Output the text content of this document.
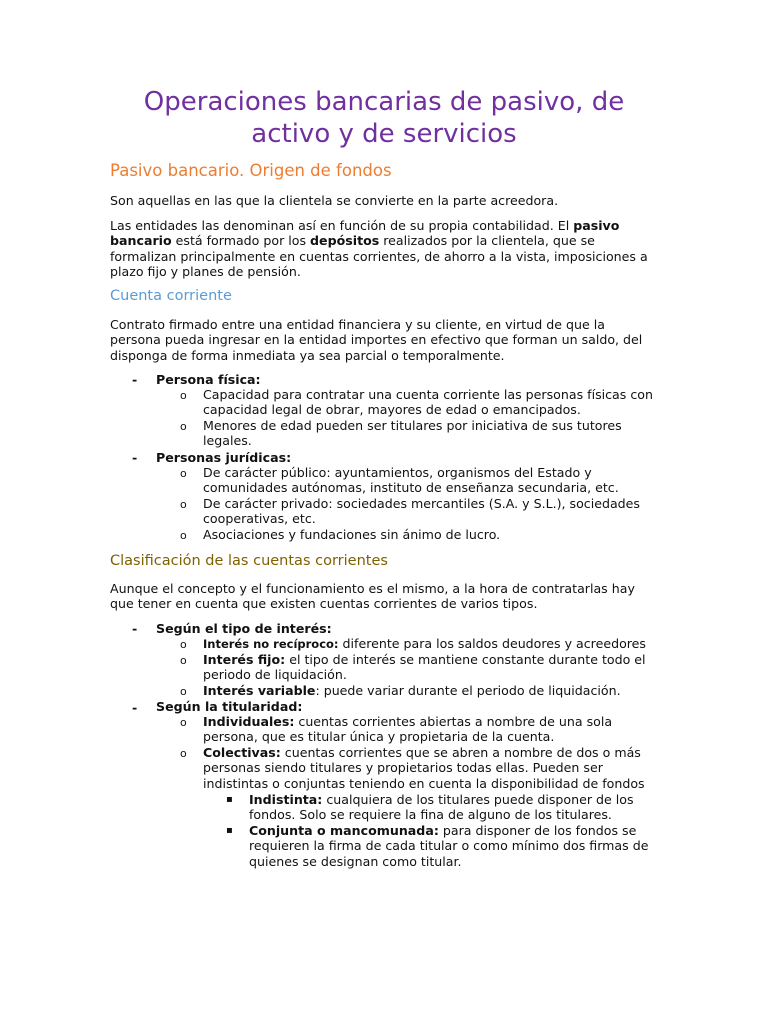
Operaciones bancarias de pasivo, de activo y de servicios
Pasivo bancario. Origen de fondos
Son aquellas en las que la clientela se convierte en la parte acreedora.
Las entidades las denominan así en función de su propia contabilidad. El pasivo bancario está formado por los depósitos realizados por la clientela, que se formalizan principalmente en cuentas corrientes, de ahorro a la vista, imposiciones a plazo fijo y planes de pensión.
Cuenta corriente
Contrato firmado entre una entidad financiera y su cliente, en virtud de que la persona pueda ingresar en la entidad importes en efectivo que forman un saldo, del disponga de forma inmediata ya sea parcial o temporalmente.
- Persona física:
o Capacidad para contratar una cuenta corriente las personas físicas con capacidad legal de obrar, mayores de edad o emancipados.
o Menores de edad pueden ser titulares por iniciativa de sus tutores legales.
- Personas jurídicas:
o De carácter público: ayuntamientos, organismos del Estado y comunidades autónomas, instituto de enseñanza secundaria, etc.
o De carácter privado: sociedades mercantiles (S.A. y S.L.), sociedades cooperativas, etc.
o Asociaciones y fundaciones sin ánimo de lucro.
Clasificación de las cuentas corrientes
Aunque el concepto y el funcionamiento es el mismo, a la hora de contratarlas hay que tener en cuenta que existen cuentas corrientes de varios tipos.
- Según el tipo de interés:
o Interés no recíproco: diferente para los saldos deudores y acreedores
o Interés fijo: el tipo de interés se mantiene constante durante todo el periodo de liquidación.
o Interés variable: puede variar durante el periodo de liquidación.
- Según la titularidad:
o Individuales: cuentas corrientes abiertas a nombre de una sola persona, que es titular única y propietaria de la cuenta.
o Colectivas: cuentas corrientes que se abren a nombre de dos o más personas siendo titulares y propietarios todas ellas. Pueden ser indistintas o conjuntas teniendo en cuenta la disponibilidad de fondos
▪ Indistinta: cualquiera de los titulares puede disponer de los fondos. Solo se requiere la fina de alguno de los titulares.
▪ Conjunta o mancomunada: para disponer de los fondos se requieren la firma de cada titular o como mínimo dos firmas de quienes se designan como titular.
